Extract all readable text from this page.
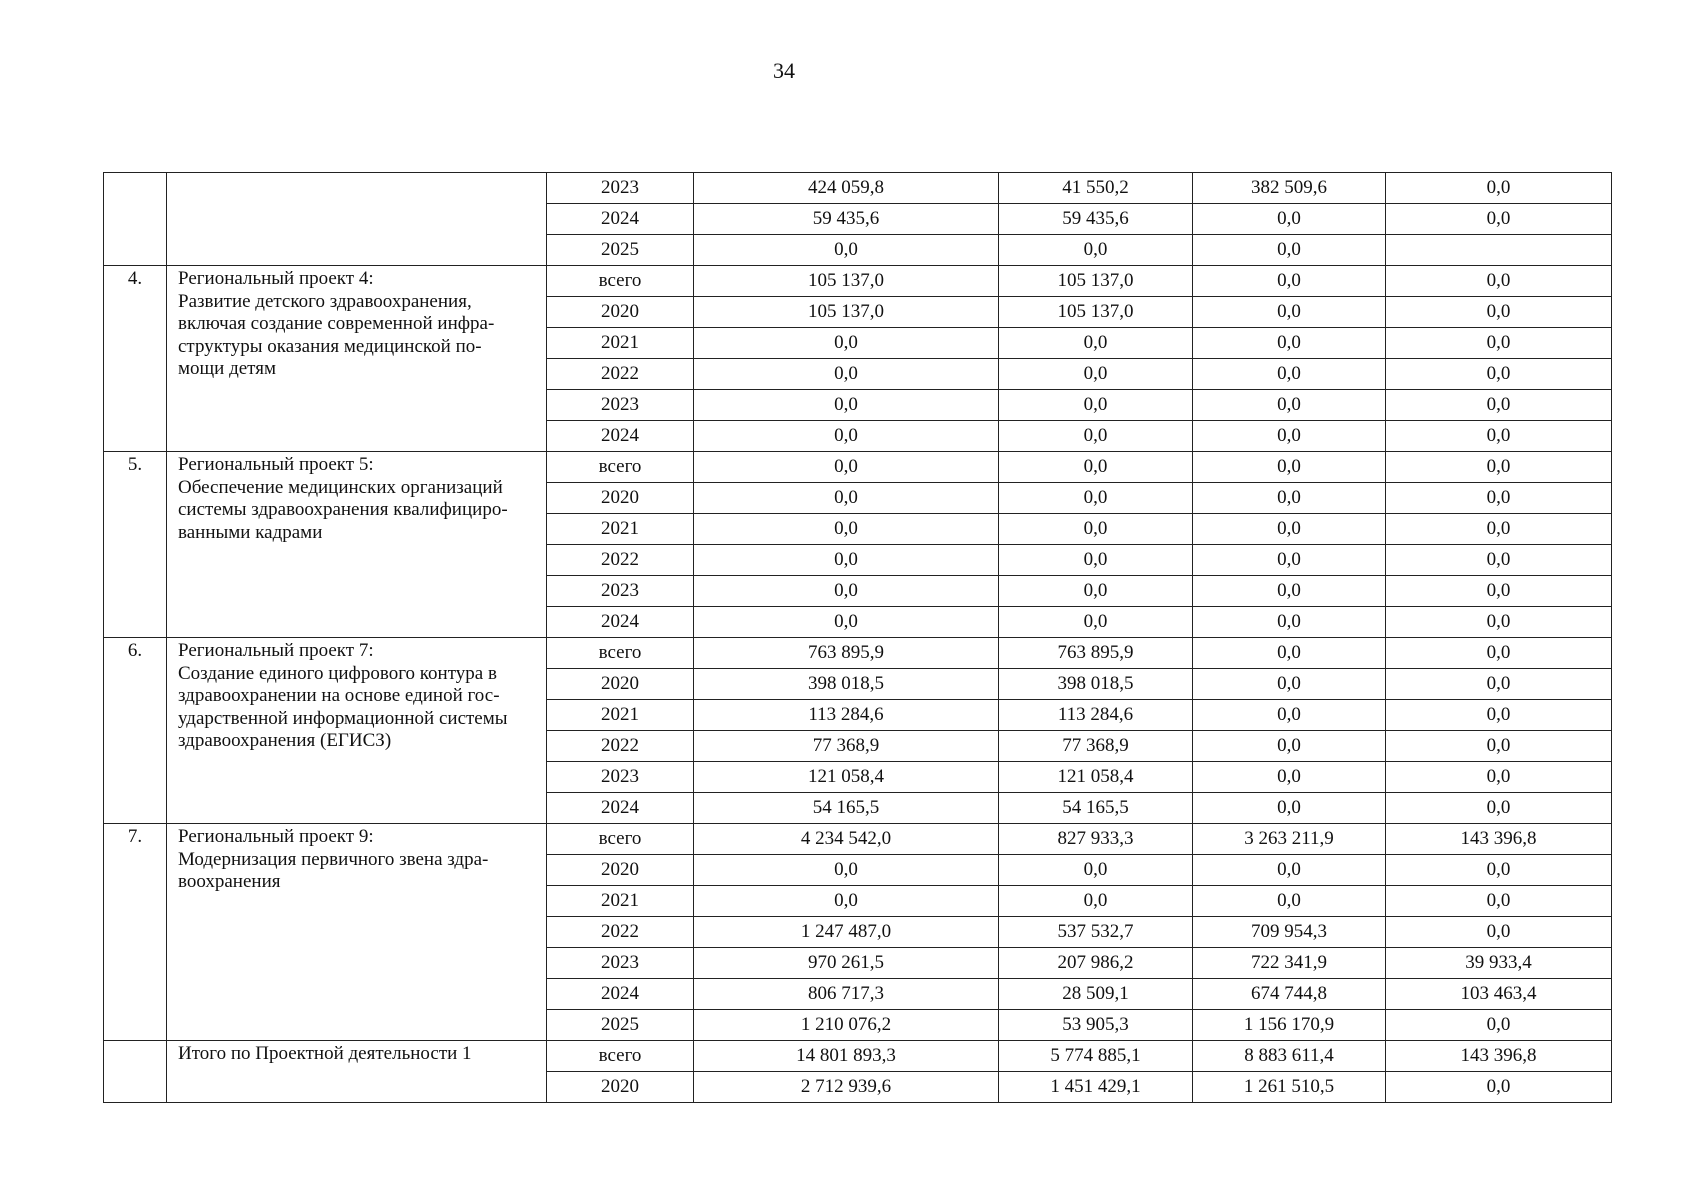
34
		2023	424 059,8	41 550,2	382 509,6	0,0
		2024	59 435,6	59 435,6	0,0	0,0
		2025	0,0	0,0	0,0	
4.	Региональный проект 4:
Развитие детского здравоохранения,
включая создание современной инфра-
структуры оказания медицинской по-
мощи детям	всего	105 137,0	105 137,0	0,0	0,0
		2020	105 137,0	105 137,0	0,0	0,0
		2021	0,0	0,0	0,0	0,0
		2022	0,0	0,0	0,0	0,0
		2023	0,0	0,0	0,0	0,0
		2024	0,0	0,0	0,0	0,0
5.	Региональный проект 5:
Обеспечение медицинских организаций
системы здравоохранения квалифициро-
ванными кадрами	всего	0,0	0,0	0,0	0,0
		2020	0,0	0,0	0,0	0,0
		2021	0,0	0,0	0,0	0,0
		2022	0,0	0,0	0,0	0,0
		2023	0,0	0,0	0,0	0,0
		2024	0,0	0,0	0,0	0,0
6.	Региональный проект 7:
Создание единого цифрового контура в
здравоохранении на основе единой гос-
ударственной информационной системы
здравоохранения (ЕГИСЗ)	всего	763 895,9	763 895,9	0,0	0,0
		2020	398 018,5	398 018,5	0,0	0,0
		2021	113 284,6	113 284,6	0,0	0,0
		2022	77 368,9	77 368,9	0,0	0,0
		2023	121 058,4	121 058,4	0,0	0,0
		2024	54 165,5	54 165,5	0,0	0,0
7.	Региональный проект 9:
Модернизация первичного звена здра-
воохранения	всего	4 234 542,0	827 933,3	3 263 211,9	143 396,8
		2020	0,0	0,0	0,0	0,0
		2021	0,0	0,0	0,0	0,0
		2022	1 247 487,0	537 532,7	709 954,3	0,0
		2023	970 261,5	207 986,2	722 341,9	39 933,4
		2024	806 717,3	28 509,1	674 744,8	103 463,4
		2025	1 210 076,2	53 905,3	1 156 170,9	0,0

	Итого по Проектной деятельности 1	всего	14 801 893,3	5 774 885,1	8 883 611,4	143 396,8
		2020	2 712 939,6	1 451 429,1	1 261 510,5	0,0
